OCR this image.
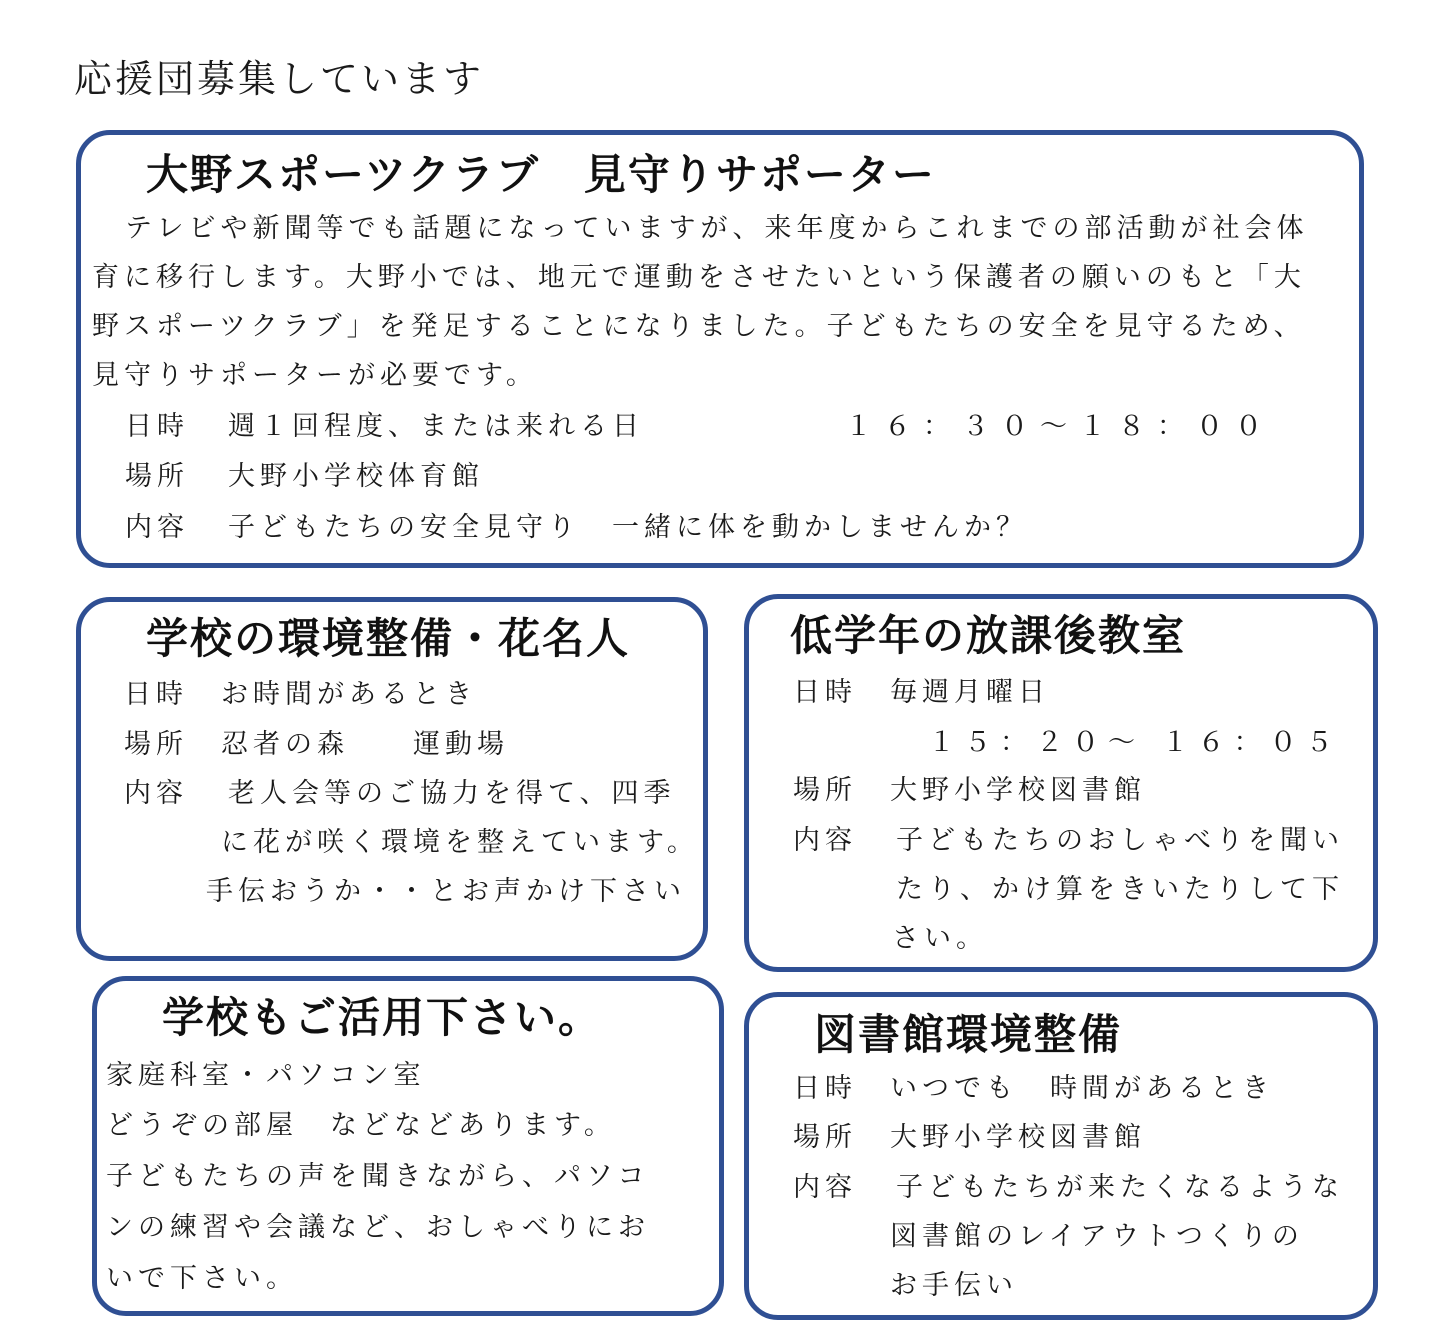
応援団募集しています
大野スポーツクラブ　見守りサポーター
テレビや新聞等でも話題になっていますが、来年度からこれまでの部活動が社会体
育に移行します。大野小では、地元で運動をさせたいという保護者の願いのもと「大
野スポーツクラブ」を発足することになりました。子どもたちの安全を見守るため、
見守りサポーターが必要です。
日時 週１回程度、または来れる日	１６：３０～１８：００
場所 大野小学校体育館
内容 子どもたちの安全見守り　一緒に体を動かしませんか？
学校の環境整備・花名人
日時 お時間があるとき
場所 忍者の森　　運動場
内容 老人会等のご協力を得て、四季
に花が咲く環境を整えています。
手伝おうか・・とお声かけ下さい
低学年の放課後教室
日時 毎週月曜日
１５：２０～ １６：０５
場所 大野小学校図書館
内容 子どもたちのおしゃべりを聞い
たり、かけ算をきいたりして下
さい。
学校もご活用下さい。
家庭科室・パソコン室
どうぞの部屋　などなどあります。
子どもたちの声を聞きながら、パソコ
ンの練習や会議など、おしゃべりにお
いで下さい。
図書館環境整備
日時 いつでも　時間があるとき
場所 大野小学校図書館
内容 子どもたちが来たくなるような
図書館のレイアウトつくりの
お手伝い
